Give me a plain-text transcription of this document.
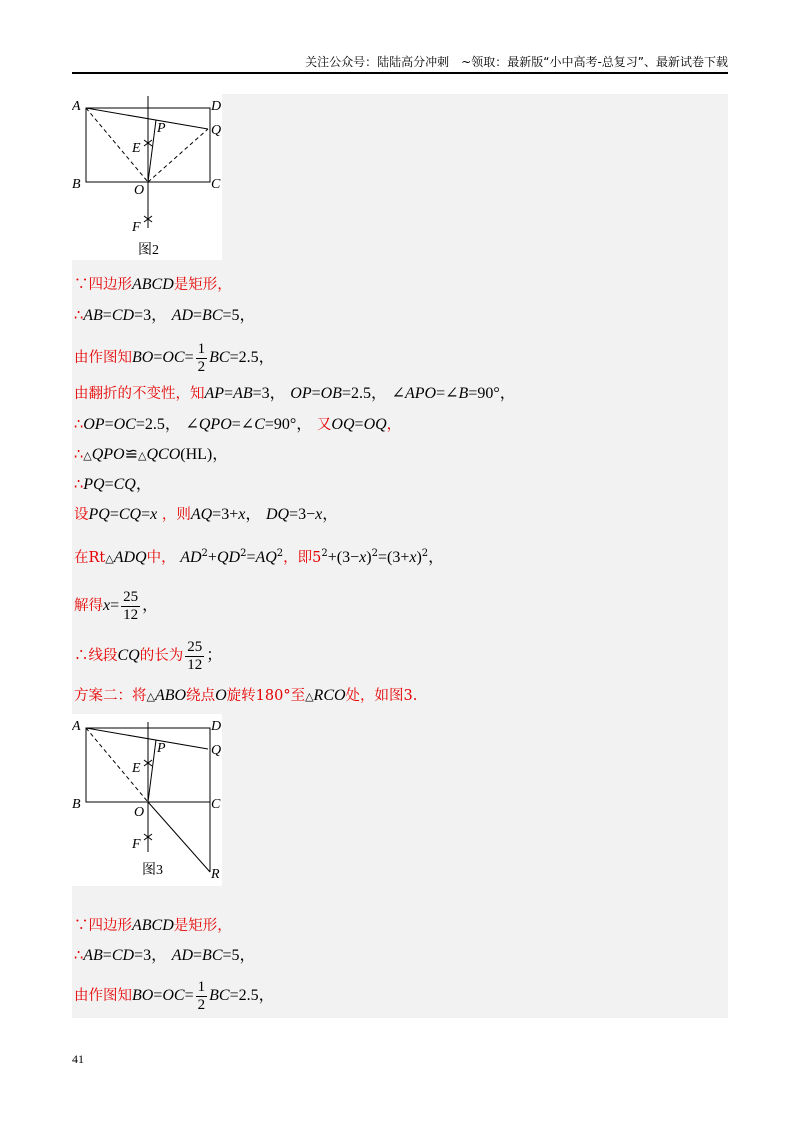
关注公众号：陆陆高分冲刺　~领取：最新版“小中高考-总复习”、最新试卷下载
A	D
P	Q
E
B	O	C
F
图2
∵四边形ABCD是矩形，
∴AB=CD=3， AD=BC=5，
由作图知$BO=OC= \frac{1}{2} BC=2.5$，
由翻折的不变性，知AP=AB=3， OP=OB=2.5， ∠APO=∠B=90°，
∴OP=OC=2.5， ∠QPO=∠C=90°， 又OQ=OQ，
∴△QPO≌△QCO(HL)，
∴PQ=CQ，
设PQ=CQ=x ，则AQ=3+x， DQ=3−x，
在Rt△ADQ中， $AD^2+QD^2=AQ^2$，即$5^2+(3-x)^2=(3+x)^2$，
解得$x= \frac{25}{12}$ ，
∴线段CQ的长为 $\frac{25}{12}$ ；
方案二：将△ABO绕点O旋转180°至△RCO处，如图3.
A	D
P	Q
E
B
O
C
F
R
图3
∵四边形ABCD是矩形，
∴AB=CD=3， AD=BC=5，
由作图知$BO=OC= \frac{1}{2} BC=2.5$，
41
